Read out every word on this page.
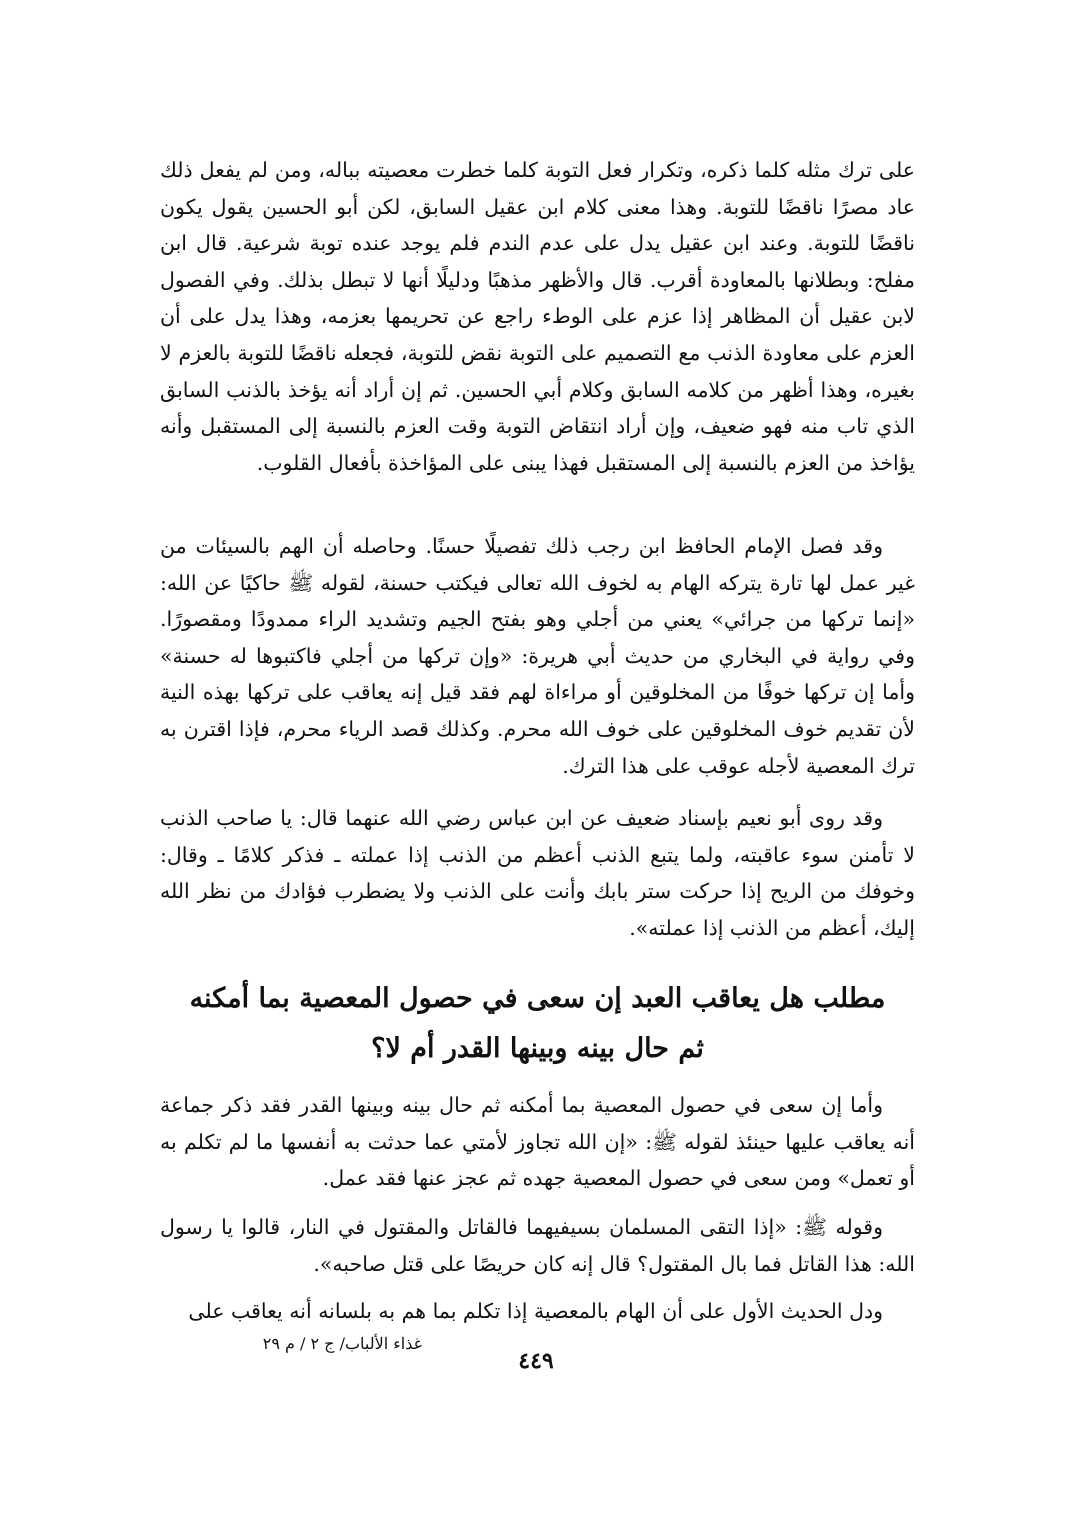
على ترك مثله كلما ذكره، وتكرار فعل التوبة كلما خطرت معصيته بباله، ومن لم يفعل ذلك عاد مصرًا ناقضًا للتوبة. وهذا معنى كلام ابن عقيل السابق، لكن أبو الحسين يقول يكون ناقضًا للتوبة. وعند ابن عقيل يدل على عدم الندم فلم يوجد عنده توبة شرعية. قال ابن مفلح: وبطلانها بالمعاودة أقرب. قال والأظهر مذهبًا ودليلًا أنها لا تبطل بذلك. وفي الفصول لابن عقيل أن المظاهر إذا عزم على الوطء راجع عن تحريمها بعزمه، وهذا يدل على أن العزم على معاودة الذنب مع التصميم على التوبة نقض للتوبة، فجعله ناقضًا للتوبة بالعزم لا بغيره، وهذا أظهر من كلامه السابق وكلام أبي الحسين. ثم إن أراد أنه يؤخذ بالذنب السابق الذي تاب منه فهو ضعيف، وإن أراد انتقاض التوبة وقت العزم بالنسبة إلى المستقبل وأنه يؤاخذ من العزم بالنسبة إلى المستقبل فهذا يبنى على المؤاخذة بأفعال القلوب.

وقد فصل الإمام الحافظ ابن رجب ذلك تفصيلًا حسنًا. وحاصله أن الهم بالسيئات من غير عمل لها تارة يتركه الهام به لخوف الله تعالى فيكتب حسنة، لقوله ﷺ حاكيًا عن الله: «إنما تركها من جرائي» يعني من أجلي وهو بفتح الجيم وتشديد الراء ممدودًا ومقصورًا. وفي رواية في البخاري من حديث أبي هريرة: «وإن تركها من أجلي فاكتبوها له حسنة» وأما إن تركها خوفًا من المخلوقين أو مراءاة لهم فقد قيل إنه يعاقب على تركها بهذه النية لأن تقديم خوف المخلوقين على خوف الله محرم. وكذلك قصد الرياء محرم، فإذا اقترن به ترك المعصية لأجله عوقب على هذا الترك.

وقد روى أبو نعيم بإسناد ضعيف عن ابن عباس رضي الله عنهما قال: يا صاحب الذنب لا تأمنن سوء عاقبته، ولما يتبع الذنب أعظم من الذنب إذا عملته ـ فذكر كلامًا ـ وقال: وخوفك من الريح إذا حركت ستر بابك وأنت على الذنب ولا يضطرب فؤادك من نظر الله إليك، أعظم من الذنب إذا عملته».

مطلب هل يعاقب العبد إن سعى في حصول المعصية بما أمكنه
ثم حال بينه وبينها القدر أم لا؟

وأما إن سعى في حصول المعصية بما أمكنه ثم حال بينه وبينها القدر فقد ذكر جماعة أنه يعاقب عليها حينئذ لقوله ﷺ: «إن الله تجاوز لأمتي عما حدثت به أنفسها ما لم تكلم به أو تعمل» ومن سعى في حصول المعصية جهده ثم عجز عنها فقد عمل.

وقوله ﷺ: «إذا التقى المسلمان بسيفيهما فالقاتل والمقتول في النار، قالوا يا رسول الله: هذا القاتل فما بال المقتول؟ قال إنه كان حريصًا على قتل صاحبه».

ودل الحديث الأول على أن الهام بالمعصية إذا تكلم بما هم به بلسانه أنه يعاقب على

غذاء الألباب/ ج ٢ / م ٢٩
٤٤٩
